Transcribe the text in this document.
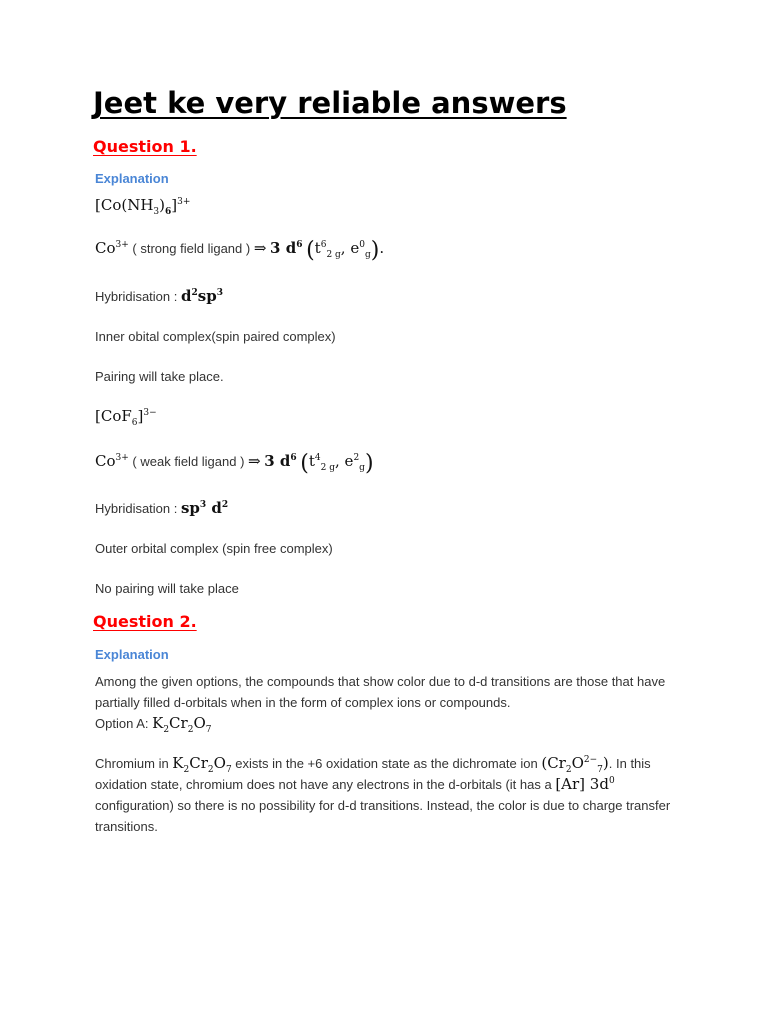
Jeet ke very reliable answers
Question 1.
Explanation
$[Co(NH_3)_6]^{3+}$
$Co^{3+}$ ( strong field ligand ) ⇒ 3 $d^6$ ($t^6_{2 g}$, $e^0_g$).
Hybridisation : $d^2sp^3$
Inner obital complex(spin paired complex)
Pairing will take place.
$[CoF_6]^{3-}$
$Co^{3+}$ ( weak field ligand ) ⇒ 3 $d^6$ ($t^4_{2 g}$, $e^2_g$)
Hybridisation : $sp^3$ $d^2$
Outer orbital complex (spin free complex)
No pairing will take place
Question 2.
Explanation
Among the given options, the compounds that show color due to d-d transitions are those that have partially filled d-orbitals when in the form of complex ions or compounds.
Option A: $K_2Cr_2O_7$
Chromium in $K_2Cr_2O_7$ exists in the +6 oxidation state as the dichromate ion $(Cr_2O^{2-}_7)$. In this oxidation state, chromium does not have any electrons in the d-orbitals (it has a [Ar] $3d^0$ configuration) so there is no possibility for d-d transitions. Instead, the color is due to charge transfer transitions.
